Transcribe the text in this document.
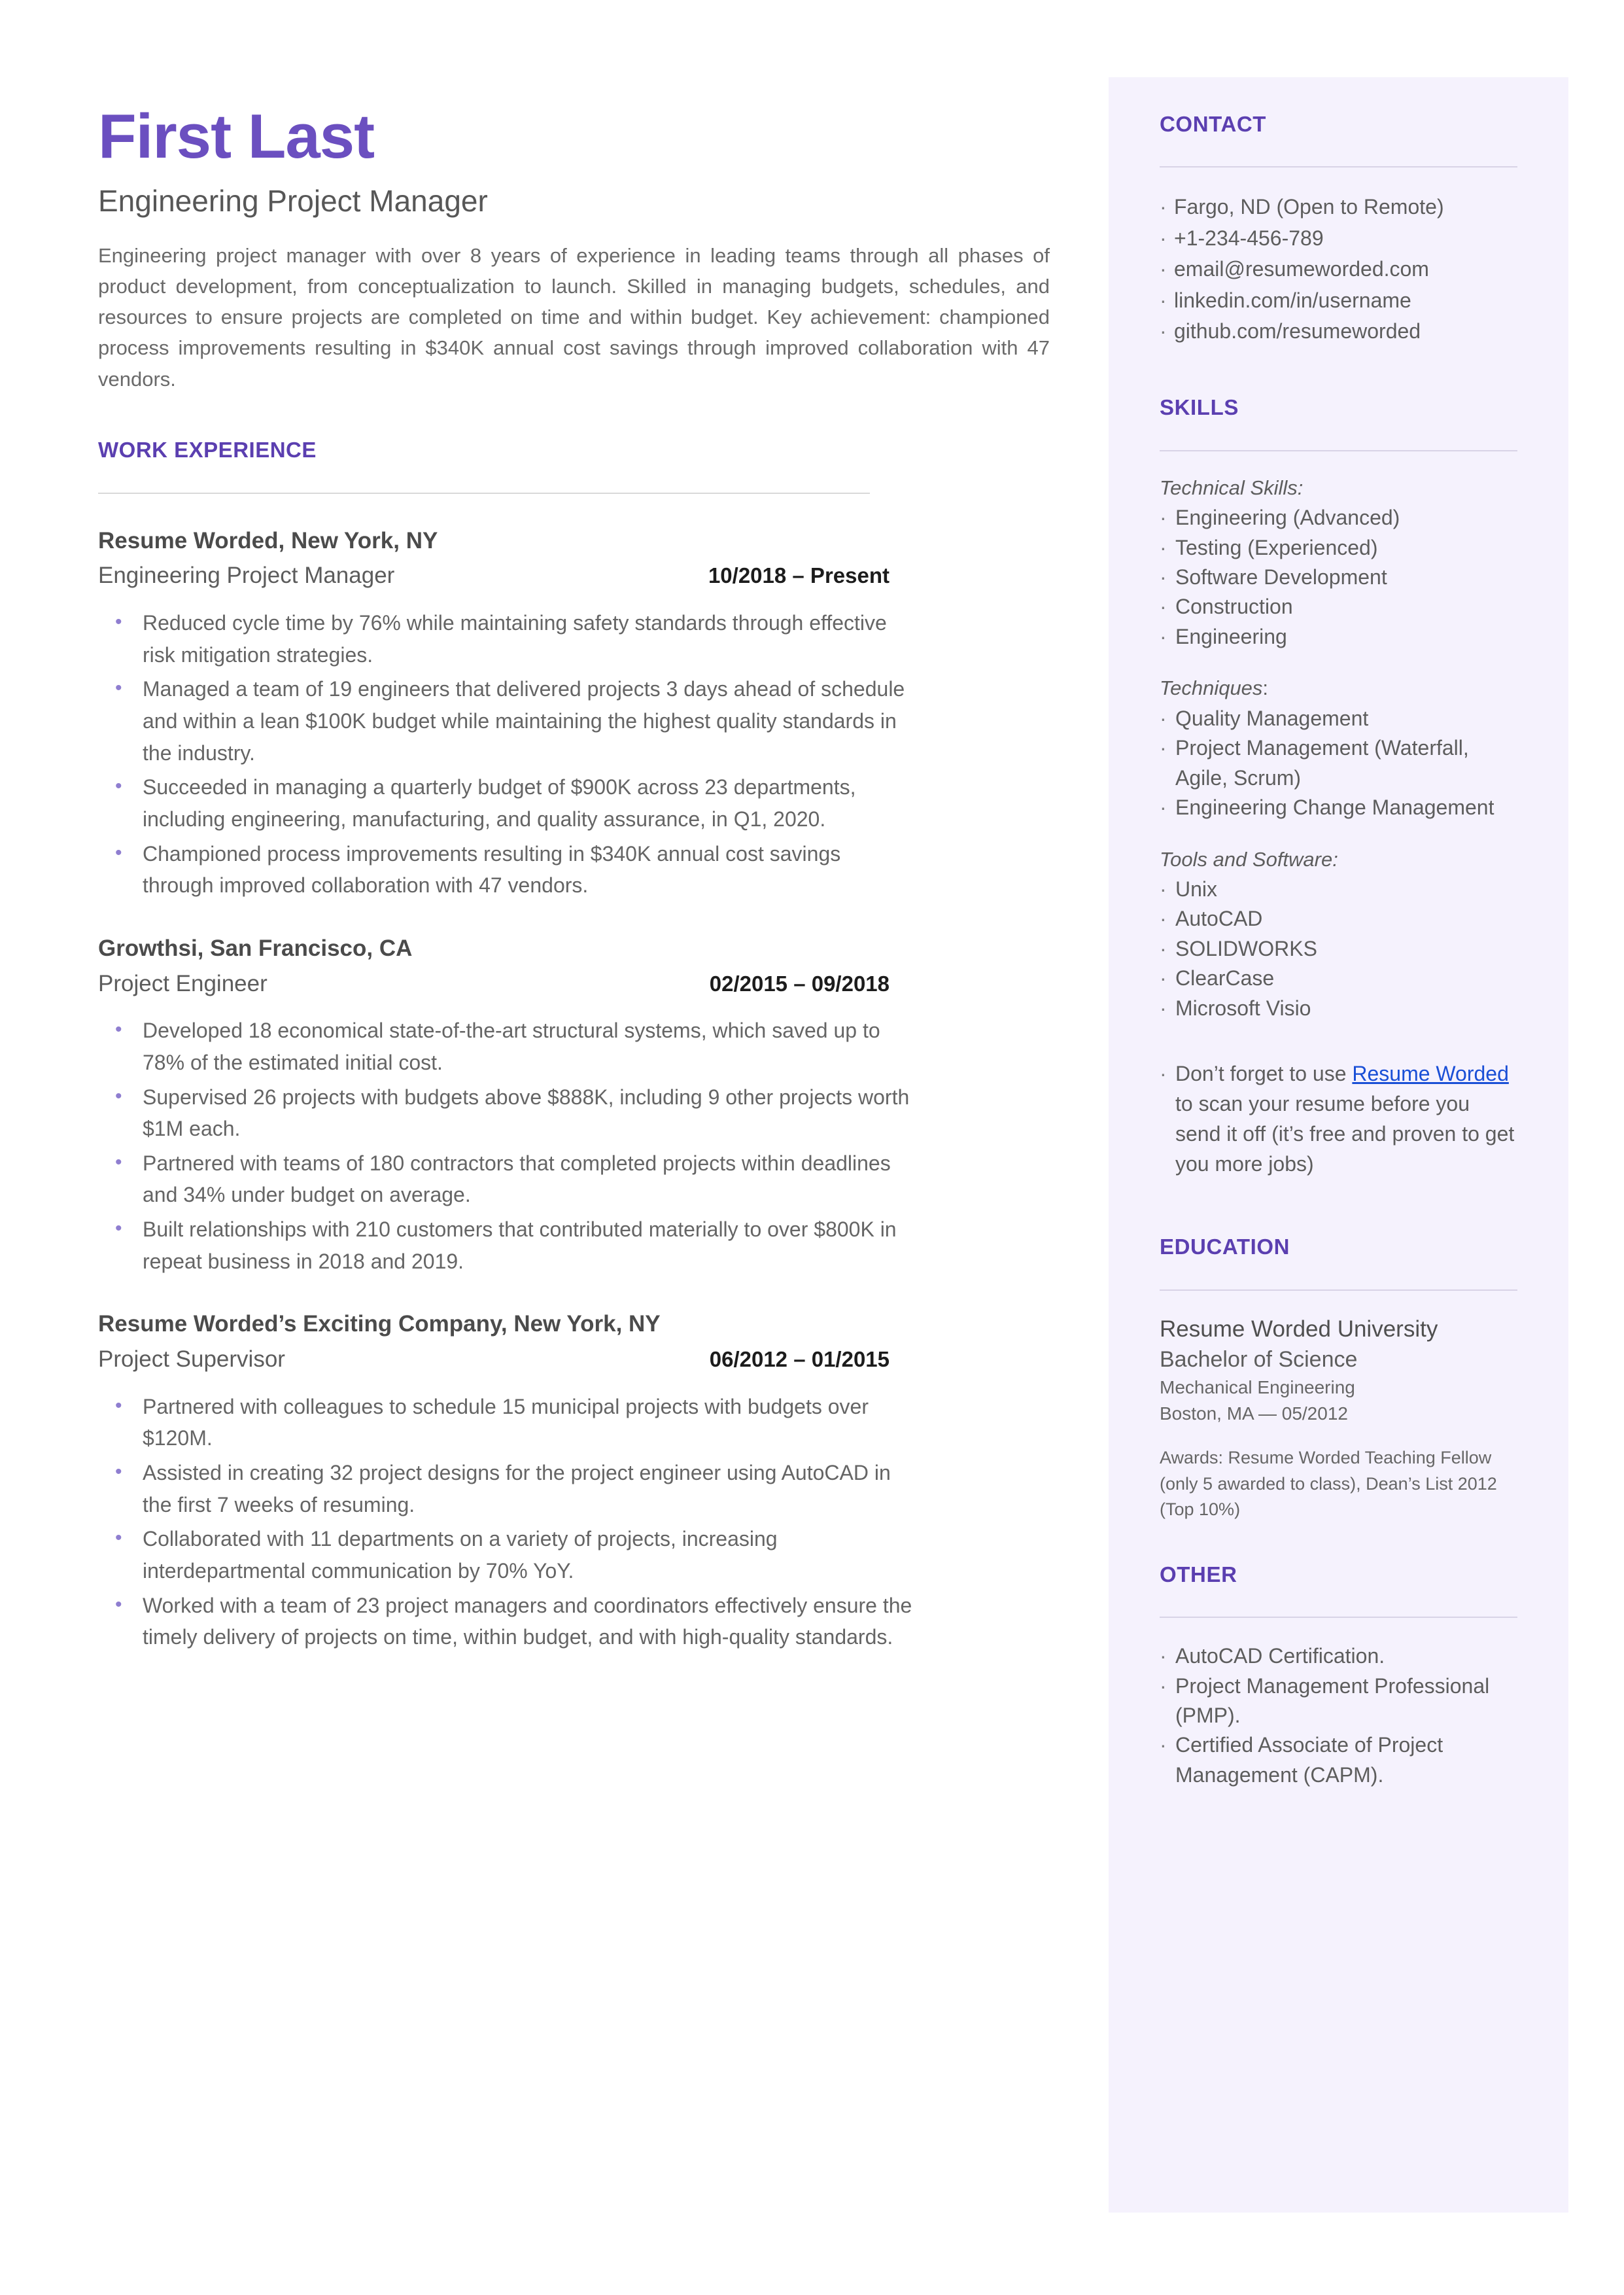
First Last
Engineering Project Manager

Engineering project manager with over 8 years of experience in leading teams through all phases of product development, from conceptualization to launch. Skilled in managing budgets, schedules, and resources to ensure projects are completed on time and within budget. Key achievement: championed process improvements resulting in $340K annual cost savings through improved collaboration with 47 vendors.

WORK EXPERIENCE
Resume Worded, New York, NY
Engineering Project Manager	10/2018 – Present
• Reduced cycle time by 76% while maintaining safety standards through effective risk mitigation strategies.
• Managed a team of 19 engineers that delivered projects 3 days ahead of schedule and within a lean $100K budget while maintaining the highest quality standards in the industry.
• Succeeded in managing a quarterly budget of $900K across 23 departments, including engineering, manufacturing, and quality assurance, in Q1, 2020.
• Championed process improvements resulting in $340K annual cost savings through improved collaboration with 47 vendors.
Growthsi, San Francisco, CA
Project Engineer	02/2015 – 09/2018
• Developed 18 economical state-of-the-art structural systems, which saved up to 78% of the estimated initial cost.
• Supervised 26 projects with budgets above $888K, including 9 other projects worth $1M each.
• Partnered with teams of 180 contractors that completed projects within deadlines and 34% under budget on average.
• Built relationships with 210 customers that contributed materially to over $800K in repeat business in 2018 and 2019.
Resume Worded’s Exciting Company, New York, NY
Project Supervisor	06/2012 – 01/2015
• Partnered with colleagues to schedule 15 municipal projects with budgets over $120M.
• Assisted in creating 32 project designs for the project engineer using AutoCAD in the first 7 weeks of resuming.
• Collaborated with 11 departments on a variety of projects, increasing interdepartmental communication by 70% YoY.
• Worked with a team of 23 project managers and coordinators effectively ensure the timely delivery of projects on time, within budget, and with high-quality standards.
CONTACT
· Fargo, ND (Open to Remote)
· +1-234-456-789
· email@resumeworded.com
· linkedin.com/in/username
· github.com/resumeworded
SKILLS

Technical Skills:

· Engineering (Advanced)
· Testing (Experienced)
· Software Development
· Construction
· Engineering

Techniques:

· Quality Management
· Project Management (Waterfall, Agile, Scrum)
· Engineering Change Management

Tools and Software:

· Unix
· AutoCAD
· SOLIDWORKS
· ClearCase
· Microsoft Visio
· Don’t forget to use Resume Worded to scan your resume before you send it off (it’s free and proven to get you more jobs)
EDUCATION

Resume Worded University

Bachelor of Science

Mechanical Engineering

Boston, MA — 05/2012

Awards: Resume Worded Teaching Fellow (only 5 awarded to class), Dean’s List 2012 (Top 10%)

OTHER
· AutoCAD Certification.
· Project Management Professional (PMP).
· Certified Associate of Project Management (CAPM).
